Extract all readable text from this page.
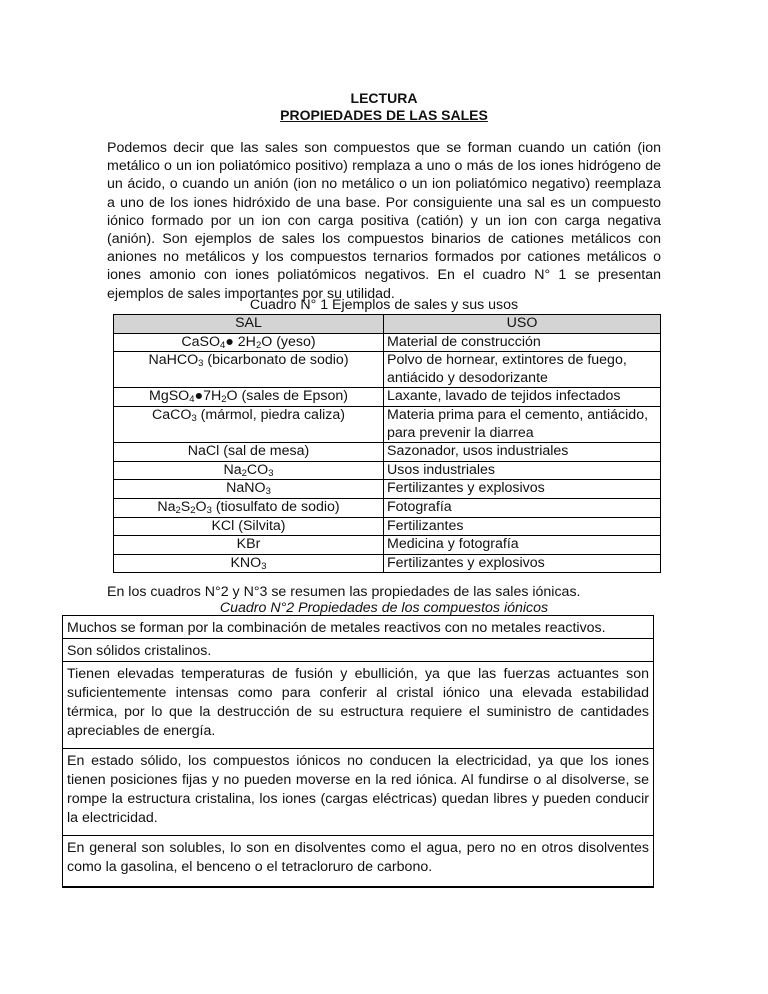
LECTURA
PROPIEDADES DE LAS SALES

Podemos decir que las sales son compuestos que se forman cuando un catión (ion metálico o un ion poliatómico positivo) remplaza a uno o más de los iones hidrógeno de un ácido, o cuando un anión (ion no metálico o un ion poliatómico negativo) reemplaza a uno de los iones hidróxido de una base. Por consiguiente una sal es un compuesto iónico formado por un ion con carga positiva (catión) y un ion con carga negativa (anión). Son ejemplos de sales los compuestos binarios de cationes metálicos con aniones no metálicos y los compuestos ternarios formados por cationes metálicos o iones amonio con iones poliatómicos negativos. En el cuadro N° 1 se presentan ejemplos de sales importantes por su utilidad.

Cuadro N° 1 Ejemplos de sales y sus usos
SAL	USO
CaSO$_4$● $2H_2O$ (yeso)	Material de construcción
NaHCO$_3$ (bicarbonato de sodio)	Polvo de hornear, extintores de fuego, antiácido y desodorizante
$MgSO_4●7H_2O$ (sales de Epson)	Laxante, lavado de tejidos infectados
CaCO$_3$ (mármol, piedra caliza)	Materia prima para el cemento, antiácido, para prevenir la diarrea
NaCl (sal de mesa)	Sazonador, usos industriales
$Na_2CO_3$	Usos industriales
NaNO$_3$	Fertilizantes y explosivos
$Na_2S_2O_3$ (tiosulfato de sodio)	Fotografía
KCl (Silvita)	Fertilizantes
KBr	Medicina y fotografía
$KNO_3$	Fertilizantes y explosivos
En los cuadros N°2 y N°3 se resumen las propiedades de las sales iónicas.
Cuadro N°2 Propiedades de los compuestos iónicos
Muchos se forman por la combinación de metales reactivos con no metales reactivos.
Son sólidos cristalinos.
Tienen elevadas temperaturas de fusión y ebullición, ya que las fuerzas actuantes son suficientemente intensas como para conferir al cristal iónico una elevada estabilidad térmica, por lo que la destrucción de su estructura requiere el suministro de cantidades apreciables de energía.
En estado sólido, los compuestos iónicos no conducen la electricidad, ya que los iones tienen posiciones fijas y no pueden moverse en la red iónica. Al fundirse o al disolverse, se rompe la estructura cristalina, los iones (cargas eléctricas) quedan libres y pueden conducir la electricidad.
En general son solubles, lo son en disolventes como el agua, pero no en otros disolventes como la gasolina, el benceno o el tetracloruro de carbono.
